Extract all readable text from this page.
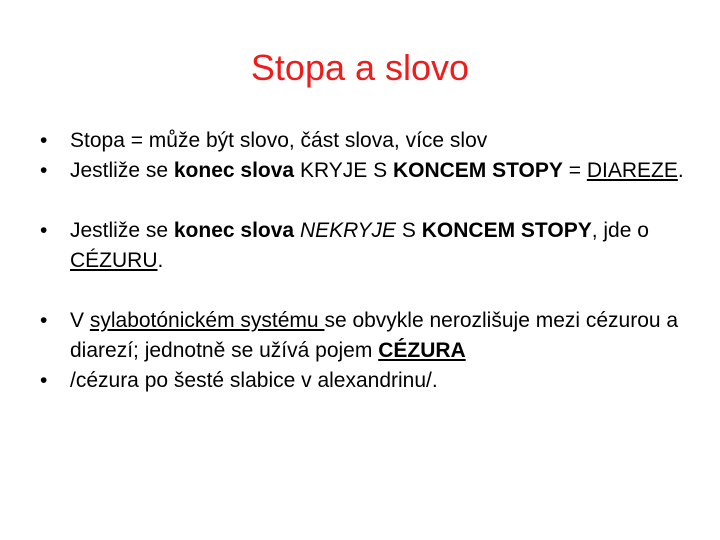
Stopa a slovo
• Stopa = může být slovo, část slova, více slov
• Jestliže se konec slova KRYJE S KONCEM STOPY = DIAREZE.
• Jestliže se konec slova NEKRYJE S KONCEM STOPY, jde o CÉZURU.
• V sylabotónickém systému se obvykle nerozlišuje mezi cézurou a diarezí; jednotně se užívá pojem CÉZURA
• /cézura po šesté slabice v alexandrinu/.
